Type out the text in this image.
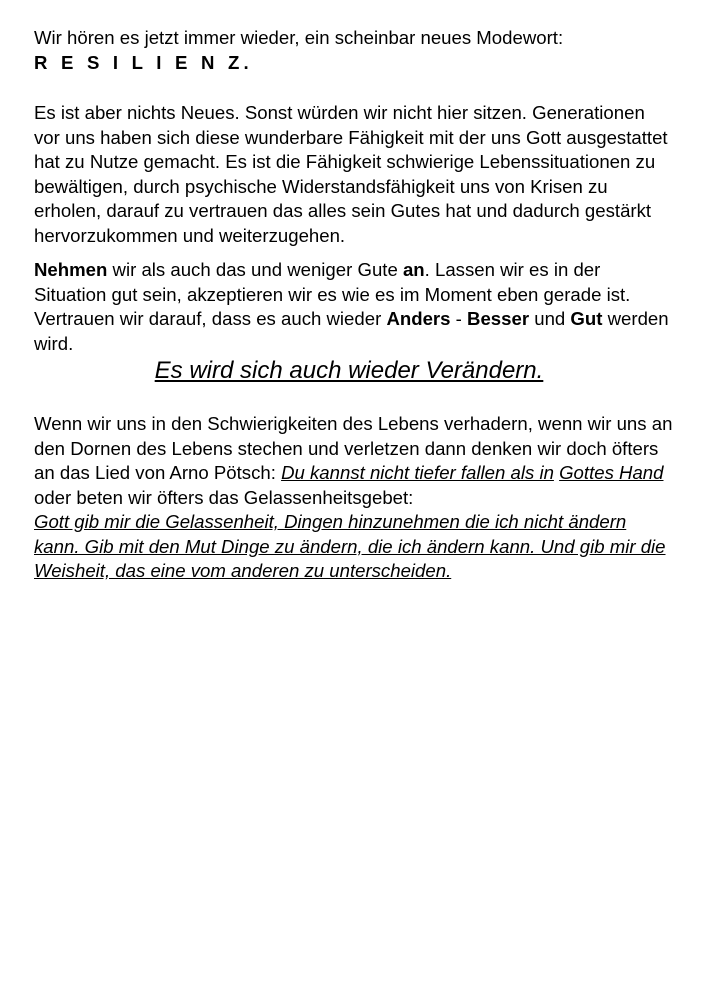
Wir hören es jetzt immer wieder, ein scheinbar neues Modewort:

R E S I L I E N Z.

Es ist aber nichts Neues. Sonst würden wir nicht hier sitzen. Generationen vor uns haben sich diese wunderbare Fähigkeit mit der uns Gott ausgestattet hat zu Nutze gemacht. Es ist die Fähigkeit schwierige Lebenssituationen zu bewältigen, durch psychische Widerstandsfähigkeit uns von Krisen zu erholen, darauf zu vertrauen das alles sein Gutes hat und dadurch gestärkt hervorzukommen und weiterzugehen.

Nehmen wir als auch das und weniger Gute an. Lassen wir es in der Situation gut sein, akzeptieren wir es wie es im Moment eben gerade ist. Vertrauen wir darauf, dass es auch wieder Anders - Besser und Gut werden wird.

Es wird sich auch wieder Verändern.

Wenn wir uns in den Schwierigkeiten des Lebens verhadern, wenn wir uns an den Dornen des Lebens stechen und verletzen dann denken wir doch öfters an das Lied von Arno Pötsch: Du kannst nicht tiefer fallen als in Gottes Hand oder beten wir öfters das Gelassenheitsgebet:

Gott gib mir die Gelassenheit, Dingen hinzunehmen die ich nicht ändern kann. Gib mit den Mut Dinge zu ändern, die ich ändern kann. Und gib mir die Weisheit, das eine vom anderen zu unterscheiden.
